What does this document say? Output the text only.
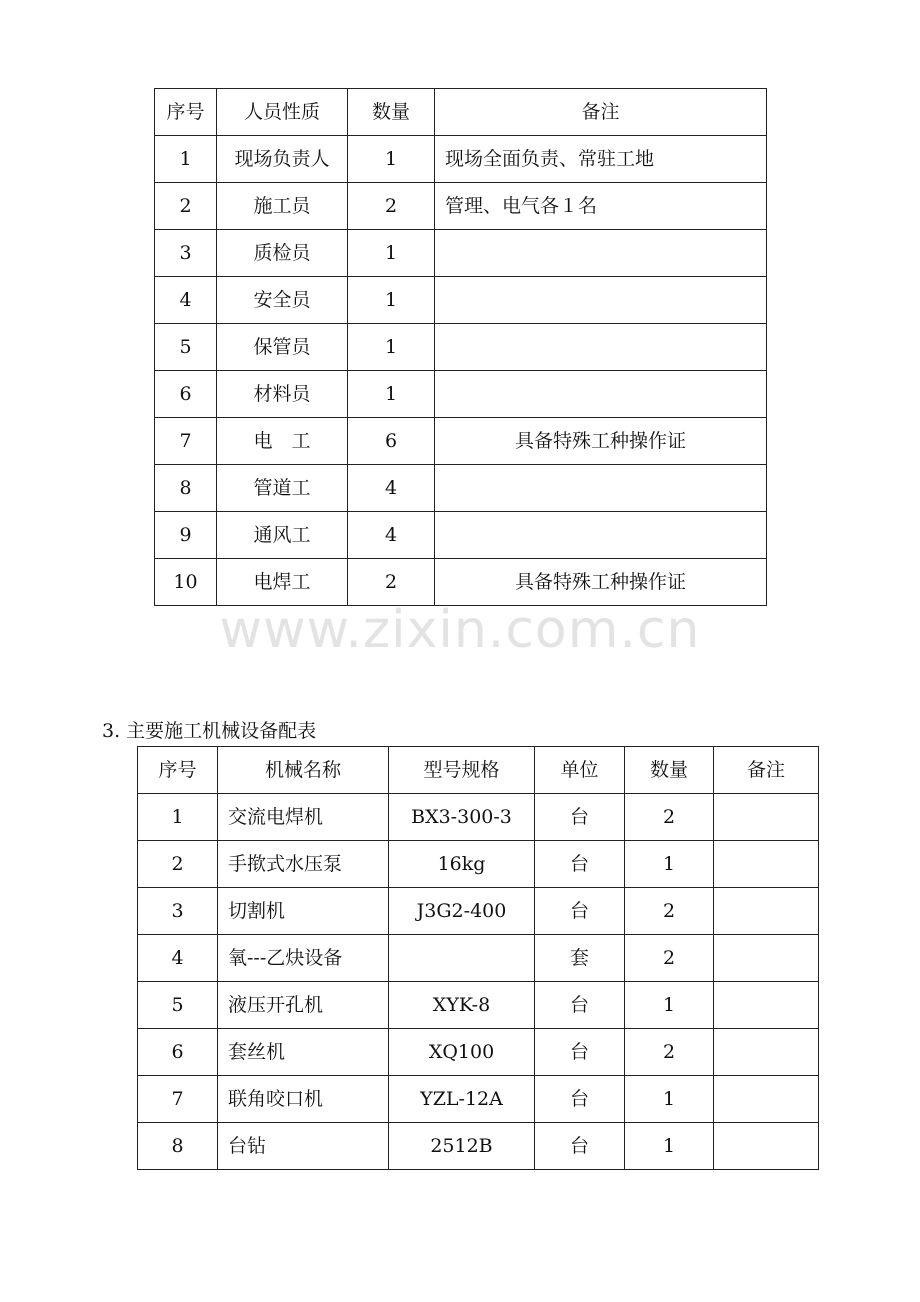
序号	人员性质	数量	备注
1	现场负责人	1	现场全面负责、常驻工地
2	施工员	2	管理、电气各１名
3	质检员	1	
4	安全员	1	
5	保管员	1	
6	材料员	1	
7	电　工	6	具备特殊工种操作证
8	管道工	4	
9	通风工	4	
10	电焊工	2	具备特殊工种操作证
www.zixin.com.cn
3. 主要施工机械设备配表
序号	机械名称	型号规格	单位	数量	备注
1	交流电焊机	BX3-300-3	台	2	
2	手揿式水压泵	16kg	台	1	
3	切割机	J3G2-400	台	2	
4	氧---乙炔设备		套	2	
5	液压开孔机	XYK-8	台	1	
6	套丝机	XQ100	台	2	
7	联角咬口机	YZL-12A	台	1	
8	台钻	2512B	台	1	
